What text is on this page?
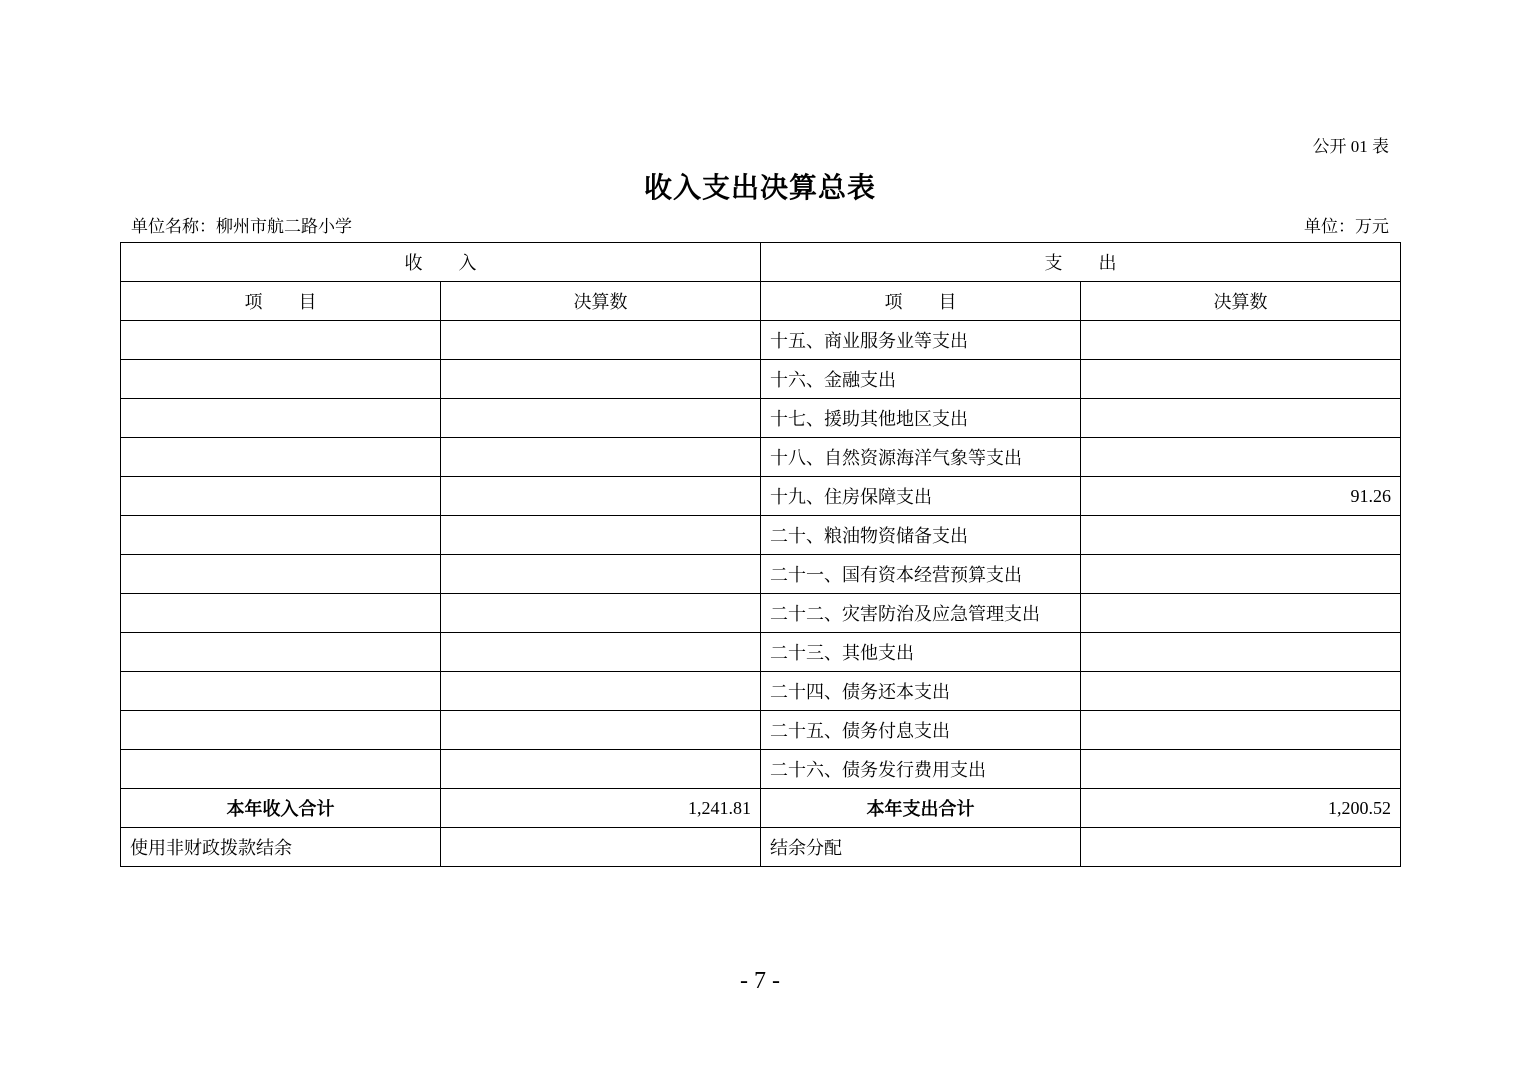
公开 01 表
收入支出决算总表
单位名称：柳州市航二路小学	单位：万元
收　　入		支　　出	
项　　目	决算数	项　　目	决算数
		十五、商业服务业等支出	
		十六、金融支出	
		十七、援助其他地区支出	
		十八、自然资源海洋气象等支出	
		十九、住房保障支出	91.26
		二十、粮油物资储备支出	
		二十一、国有资本经营预算支出	
		二十二、灾害防治及应急管理支出	
		二十三、其他支出	
		二十四、债务还本支出	
		二十五、债务付息支出	
		二十六、债务发行费用支出	
本年收入合计	1,241.81	本年支出合计	1,200.52
使用非财政拨款结余		结余分配	
- 7 -
